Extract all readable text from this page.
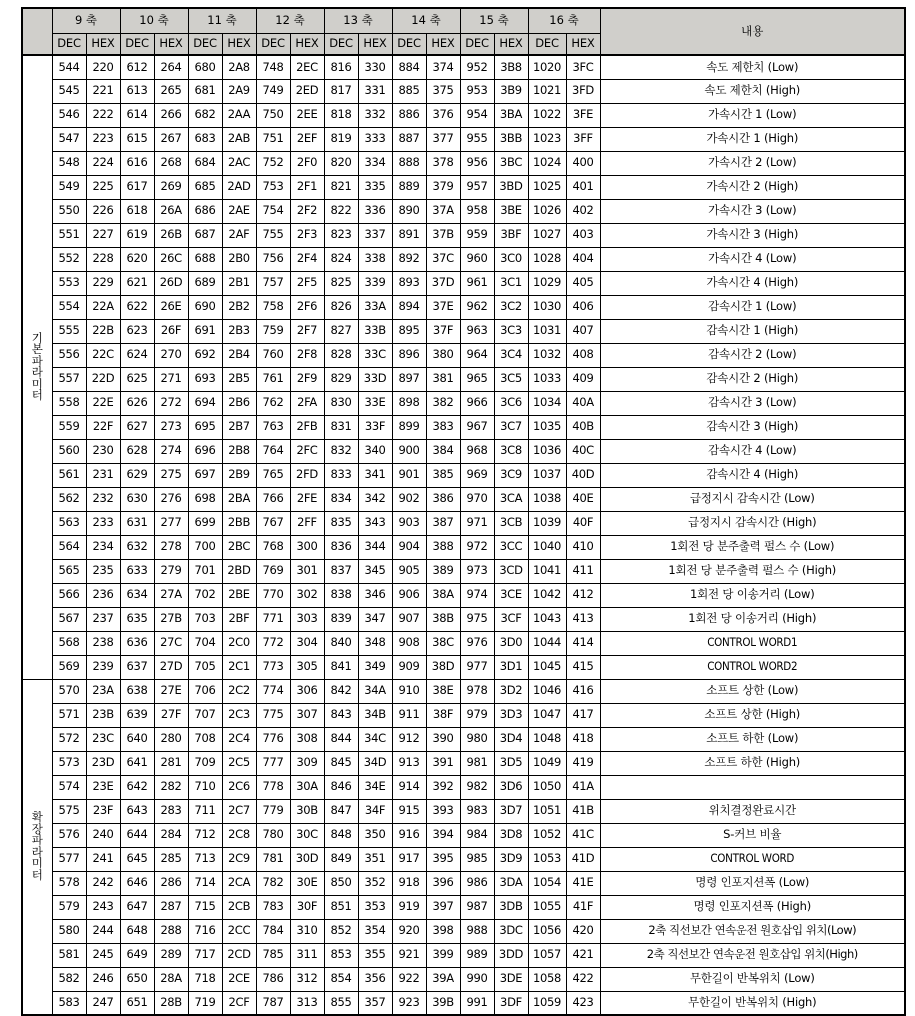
	9 축		10 축		11 축		12 축		13 축		14 축		15 축		16 축		내용
	DEC	HEX	DEC	HEX	DEC	HEX	DEC	HEX	DEC	HEX	DEC	HEX	DEC	HEX	DEC	HEX	

기
본
파
라
미
터
	544	220	612	264	680	2A8	748	2EC	816	330	884	374	952	3B8	1020	3FC	속도 제한치 (Low)
	545	221	613	265	681	2A9	749	2ED	817	331	885	375	953	3B9	1021	3FD	속도 제한치 (High)
	546	222	614	266	682	2AA	750	2EE	818	332	886	376	954	3BA	1022	3FE	가속시간 1 (Low)
	547	223	615	267	683	2AB	751	2EF	819	333	887	377	955	3BB	1023	3FF	가속시간 1 (High)
	548	224	616	268	684	2AC	752	2F0	820	334	888	378	956	3BC	1024	400	가속시간 2 (Low)
	549	225	617	269	685	2AD	753	2F1	821	335	889	379	957	3BD	1025	401	가속시간 2 (High)
	550	226	618	26A	686	2AE	754	2F2	822	336	890	37A	958	3BE	1026	402	가속시간 3 (Low)
	551	227	619	26B	687	2AF	755	2F3	823	337	891	37B	959	3BF	1027	403	가속시간 3 (High)
	552	228	620	26C	688	2B0	756	2F4	824	338	892	37C	960	3C0	1028	404	가속시간 4 (Low)
	553	229	621	26D	689	2B1	757	2F5	825	339	893	37D	961	3C1	1029	405	가속시간 4 (High)
	554	22A	622	26E	690	2B2	758	2F6	826	33A	894	37E	962	3C2	1030	406	감속시간 1 (Low)
	555	22B	623	26F	691	2B3	759	2F7	827	33B	895	37F	963	3C3	1031	407	감속시간 1 (High)
	556	22C	624	270	692	2B4	760	2F8	828	33C	896	380	964	3C4	1032	408	감속시간 2 (Low)
	557	22D	625	271	693	2B5	761	2F9	829	33D	897	381	965	3C5	1033	409	감속시간 2 (High)
	558	22E	626	272	694	2B6	762	2FA	830	33E	898	382	966	3C6	1034	40A	감속시간 3 (Low)
	559	22F	627	273	695	2B7	763	2FB	831	33F	899	383	967	3C7	1035	40B	감속시간 3 (High)
	560	230	628	274	696	2B8	764	2FC	832	340	900	384	968	3C8	1036	40C	감속시간 4 (Low)
	561	231	629	275	697	2B9	765	2FD	833	341	901	385	969	3C9	1037	40D	감속시간 4 (High)
	562	232	630	276	698	2BA	766	2FE	834	342	902	386	970	3CA	1038	40E	급정지시 감속시간 (Low)
	563	233	631	277	699	2BB	767	2FF	835	343	903	387	971	3CB	1039	40F	급정지시 감속시간 (High)
	564	234	632	278	700	2BC	768	300	836	344	904	388	972	3CC	1040	410	1회전 당 분주출력 펄스 수 (Low)
	565	235	633	279	701	2BD	769	301	837	345	905	389	973	3CD	1041	411	1회전 당 분주출력 펄스 수 (High)
	566	236	634	27A	702	2BE	770	302	838	346	906	38A	974	3CE	1042	412	1회전 당 이송거리 (Low)
	567	237	635	27B	703	2BF	771	303	839	347	907	38B	975	3CF	1043	413	1회전 당 이송거리 (High)
	568	238	636	27C	704	2C0	772	304	840	348	908	38C	976	3D0	1044	414	CONTROL WORD1
	569	239	637	27D	705	2C1	773	305	841	349	909	38D	977	3D1	1045	415	CONTROL WORD2

확
장
파
라
미
터
	570	23A	638	27E	706	2C2	774	306	842	34A	910	38E	978	3D2	1046	416	소프트 상한 (Low)
	571	23B	639	27F	707	2C3	775	307	843	34B	911	38F	979	3D3	1047	417	소프트 상한 (High)
	572	23C	640	280	708	2C4	776	308	844	34C	912	390	980	3D4	1048	418	소프트 하한 (Low)
	573	23D	641	281	709	2C5	777	309	845	34D	913	391	981	3D5	1049	419	소프트 하한 (High)
	574	23E	642	282	710	2C6	778	30A	846	34E	914	392	982	3D6	1050	41A	
	575	23F	643	283	711	2C7	779	30B	847	34F	915	393	983	3D7	1051	41B	위치결정완료시간
	576	240	644	284	712	2C8	780	30C	848	350	916	394	984	3D8	1052	41C	S-커브 비율
	577	241	645	285	713	2C9	781	30D	849	351	917	395	985	3D9	1053	41D	CONTROL WORD
	578	242	646	286	714	2CA	782	30E	850	352	918	396	986	3DA	1054	41E	명령 인포지션폭 (Low)
	579	243	647	287	715	2CB	783	30F	851	353	919	397	987	3DB	1055	41F	명령 인포지션폭 (High)
	580	244	648	288	716	2CC	784	310	852	354	920	398	988	3DC	1056	420	2축 직선보간 연속운전 원호삽입 위치(Low)
	581	245	649	289	717	2CD	785	311	853	355	921	399	989	3DD	1057	421	2축 직선보간 연속운전 원호삽입 위치(High)
	582	246	650	28A	718	2CE	786	312	854	356	922	39A	990	3DE	1058	422	무한길이 반복위치 (Low)
	583	247	651	28B	719	2CF	787	313	855	357	923	39B	991	3DF	1059	423	무한길이 반복위치 (High)
